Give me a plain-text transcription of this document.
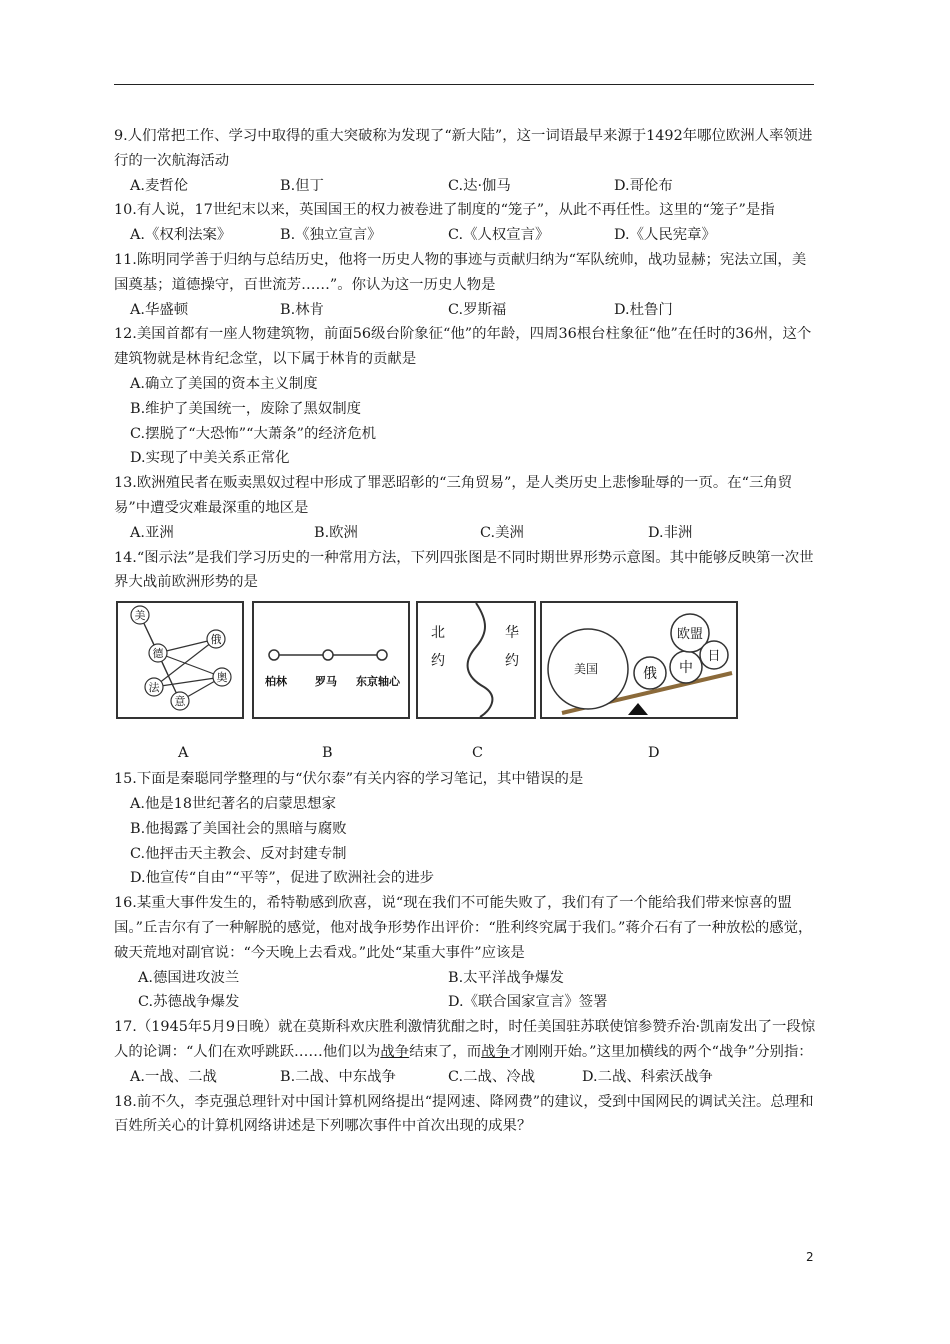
9.人们常把工作、学习中取得的重大突破称为发现了“新大陆”，这一词语最早来源于1492年哪位欧洲人率领进行的一次航海活动
A.麦哲伦	B.但丁	C.达·伽马	D.哥伦布
10.有人说，17世纪末以来，英国国王的权力被卷进了制度的“笼子”，从此不再任性。这里的“笼子”是指
A.《权利法案》	B.《独立宣言》	C.《人权宣言》	D.《人民宪章》
11.陈明同学善于归纳与总结历史，他将一历史人物的事迹与贡献归纳为“军队统帅，战功显赫；宪法立国，美国奠基；道德操守，百世流芳……”。你认为这一历史人物是
A.华盛顿	B.林肯	C.罗斯福	D.杜鲁门
12.美国首都有一座人物建筑物，前面56级台阶象征“他”的年龄，四周36根台柱象征“他”在任时的36州，这个建筑物就是林肯纪念堂，以下属于林肯的贡献是
A.确立了美国的资本主义制度
B.维护了美国统一，废除了黑奴制度
C.摆脱了“大恐怖”“大萧条”的经济危机
D.实现了中美关系正常化
13.欧洲殖民者在贩卖黑奴过程中形成了罪恶昭彰的“三角贸易”，是人类历史上悲惨耻辱的一页。在“三角贸易”中遭受灾难最深重的地区是
A.亚洲	B.欧洲	C.美洲	D.非洲
14.“图示法”是我们学习历史的一种常用方法，下列四张图是不同时期世界形势示意图。其中能够反映第一次世界大战前欧洲形势的是
美
俄
德
法
奥
意
柏林	罗马 东京轴心
北
约
华
约	美国	俄 中
欧盟
日
A	B	C	D
15.下面是秦聪同学整理的与“伏尔泰”有关内容的学习笔记，其中错误的是
A.他是18世纪著名的启蒙思想家
B.他揭露了美国社会的黑暗与腐败
C.他抨击天主教会、反对封建专制
D.他宣传“自由”“平等”，促进了欧洲社会的进步
16.某重大事件发生的，希特勒感到欣喜，说“现在我们不可能失败了，我们有了一个能给我们带来惊喜的盟国。”丘吉尔有了一种解脱的感觉，他对战争形势作出评价：“胜利终究属于我们。”蒋介石有了一种放松的感觉，破天荒地对副官说：“今天晚上去看戏。”此处“某重大事件”应该是
A.德国进攻波兰	B.太平洋战争爆发
C.苏德战争爆发	D.《联合国家宣言》签署
17.（1945年5月9日晚）就在莫斯科欢庆胜利激情犹酣之时，时任美国驻苏联使馆参赞乔治·凯南发出了一段惊人的论调：“人们在欢呼跳跃……他们以为战争结束了，而战争才刚刚开始。”这里加横线的两个“战争”分别指：
A.一战、二战	B.二战、中东战争	C.二战、冷战	D.二战、科索沃战争
18.前不久，李克强总理针对中国计算机网络提出“提网速、降网费”的建议，受到中国网民的调试关注。总理和百姓所关心的计算机网络讲述是下列哪次事件中首次出现的成果？
2
